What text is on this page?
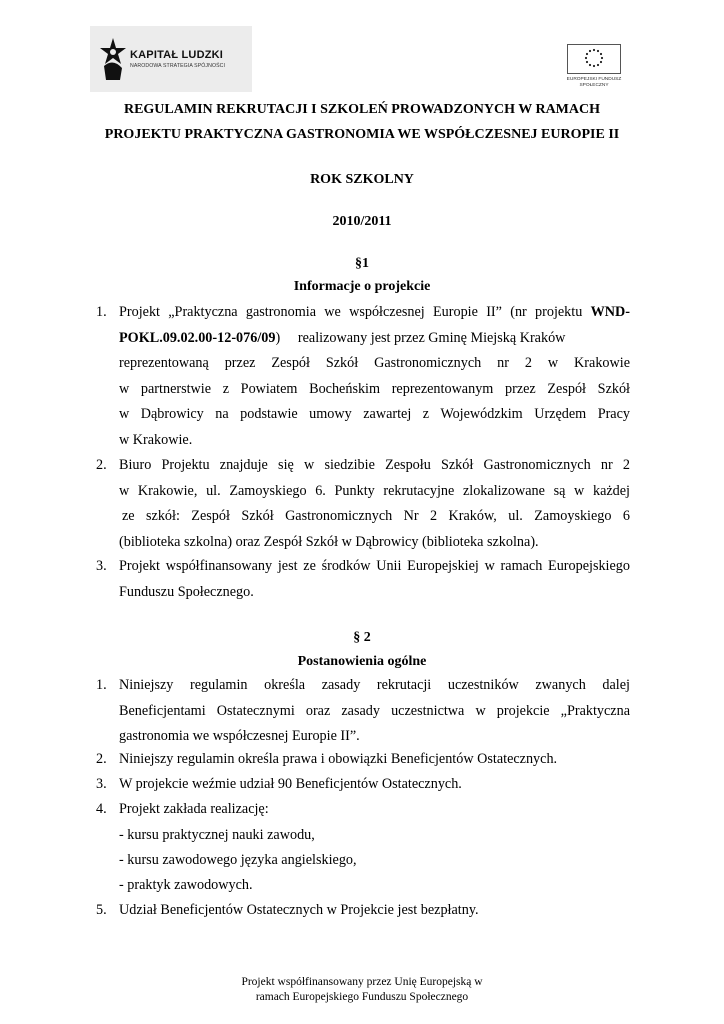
KAPITAŁ LUDZKI
NARODOWA STRATEGIA SPÓJNOŚCI
EUROPEJSKI FUNDUSZ
SPOŁECZNY
REGULAMIN REKRUTACJI I SZKOLEŃ PROWADZONYCH W RAMACH
PROJEKTU PRAKTYCZNA GASTRONOMIA WE WSPÓŁCZESNEJ EUROPIE II
ROK SZKOLNY
2010/2011
§1
Informacje o projekcie
1. Projekt „Praktyczna gastronomia we współczesnej Europie II” (nr projektu WND-
POKL.09.02.00-12-076/09)     realizowany jest przez Gminę Miejską Kraków
reprezentowaną przez Zespół Szkół Gastronomicznych nr 2 w Krakowie
w partnerstwie z Powiatem Bocheńskim reprezentowanym przez Zespół Szkół
w Dąbrowicy na podstawie umowy zawartej z Wojewódzkim Urzędem Pracy
w Krakowie.
2. Biuro Projektu znajduje się w siedzibie Zespołu Szkół Gastronomicznych nr 2
w Krakowie, ul. Zamoyskiego 6. Punkty rekrutacyjne zlokalizowane są w każdej
ze szkół: Zespół Szkół Gastronomicznych Nr 2 Kraków, ul. Zamoyskiego 6
(biblioteka szkolna) oraz Zespół Szkół w Dąbrowicy (biblioteka szkolna).
3. Projekt współfinansowany jest ze środków Unii Europejskiej w ramach Europejskiego
Funduszu Społecznego.
§ 2
Postanowienia ogólne
1. Niniejszy regulamin określa zasady rekrutacji uczestników zwanych dalej
Beneficjentami Ostatecznymi oraz zasady uczestnictwa w projekcie „Praktyczna
gastronomia we współczesnej Europie II”.
2. Niniejszy regulamin określa prawa i obowiązki Beneficjentów Ostatecznych.
3. W projekcie weźmie udział 90 Beneficjentów Ostatecznych.
4. Projekt zakłada realizację:
- kursu praktycznej nauki zawodu,
- kursu zawodowego języka angielskiego,
- praktyk zawodowych.
5. Udział Beneficjentów Ostatecznych w Projekcie jest bezpłatny.
Projekt współfinansowany przez Unię Europejską w
ramach Europejskiego Funduszu Społecznego
